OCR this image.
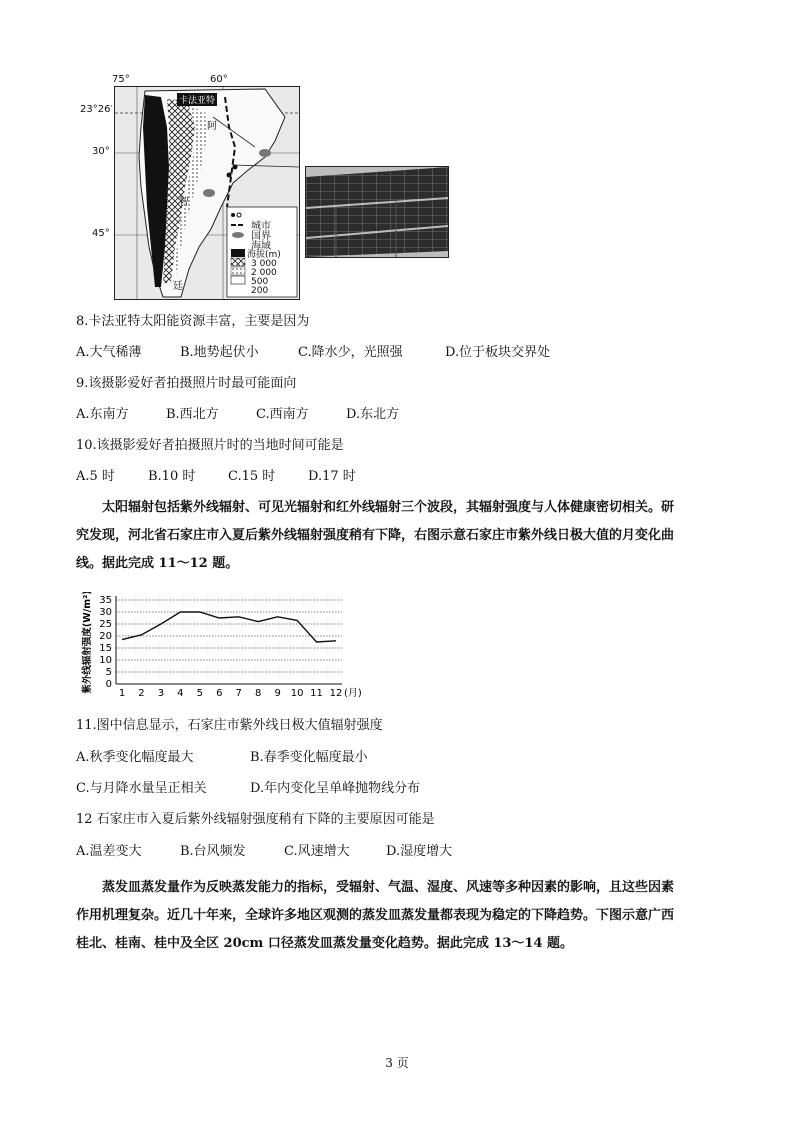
城市
国界
海域
海拔(m)
3 000
2 000
500
200
卡法亚特
阿
智
廷
75°	60°
23°26′
30°
45°
8.卡法亚特太阳能资源丰富，主要是因为
A.大气稀薄	B.地势起伏小	C.降水少，光照强	D.位于板块交界处
9.该摄影爱好者拍摄照片时最可能面向
A.东南方	B.西北方	C.西南方	D.东北方
10.该摄影爱好者拍摄照片时的当地时间可能是
A.5 时	B.10 时	C.15 时	D.17 时
太阳辐射包括紫外线辐射、可见光辐射和红外线辐射三个波段，其辐射强度与人体健康密切相关。研
究发现，河北省石家庄市入夏后紫外线辐射强度稍有下降，右图示意石家庄市紫外线日极大值的月变化曲
线。据此完成 11～12 题。
0
5
10
15
20
25
30
35
1 2 3 4 5 6 7 8 9 10 11 12 (月)
紫外线辐射强度(W/m²)
11.图中信息显示，石家庄市紫外线日极大值辐射强度
A.秋季变化幅度最大	B.春季变化幅度最小
C.与月降水量呈正相关	D.年内变化呈单峰抛物线分布
12 石家庄市入夏后紫外线辐射强度稍有下降的主要原因可能是
A.温差变大	B.台风频发	C.风速增大	D.湿度增大
蒸发皿蒸发量作为反映蒸发能力的指标，受辐射、气温、湿度、风速等多种因素的影响，且这些因素
作用机理复杂。近几十年来，全球许多地区观测的蒸发皿蒸发量都表现为稳定的下降趋势。下图示意广西
桂北、桂南、桂中及全区 20cm 口径蒸发皿蒸发量变化趋势。据此完成 13～14 题。
3 页
